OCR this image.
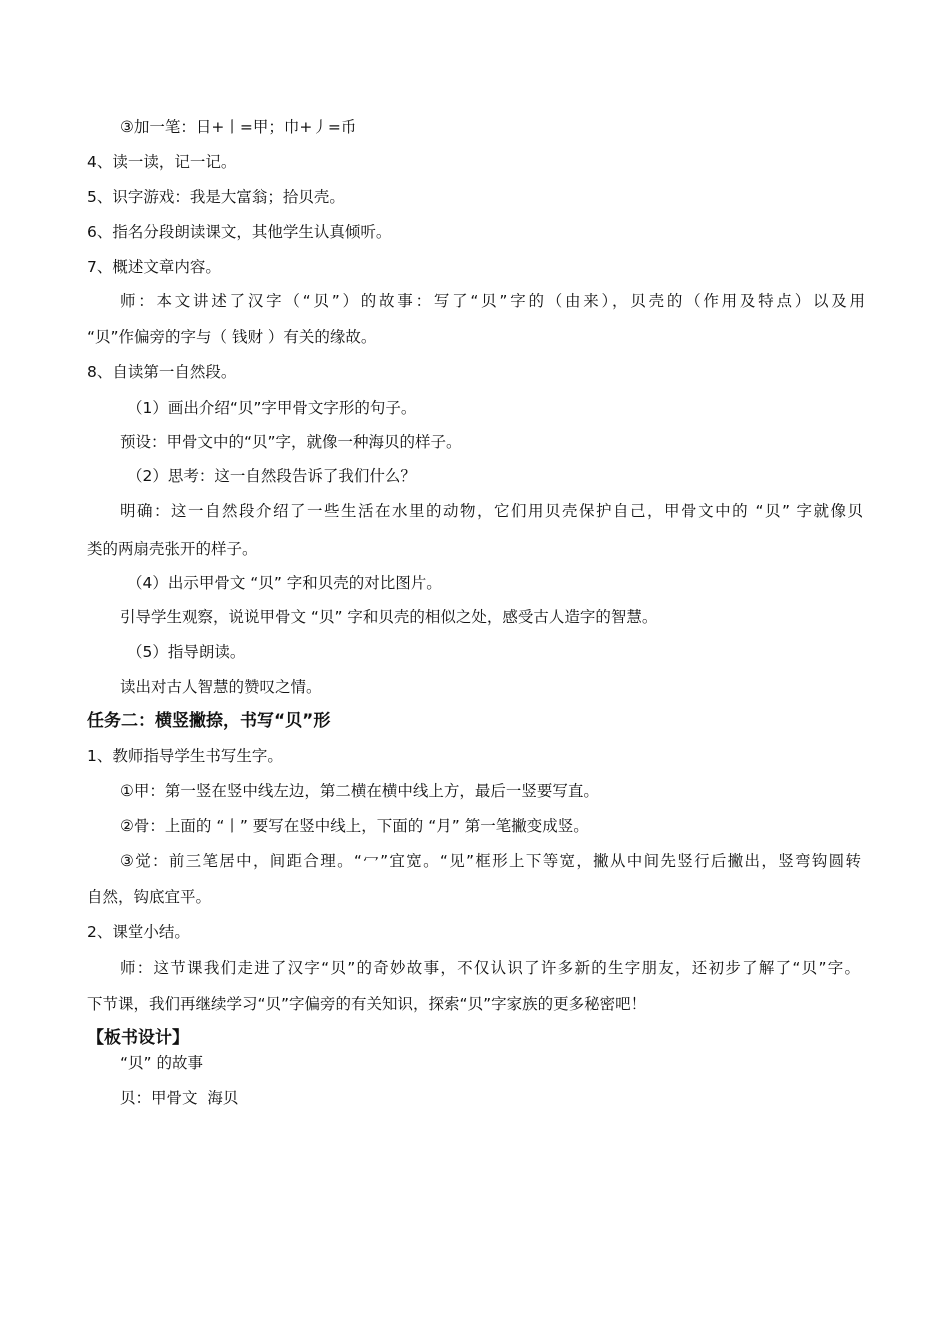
③加一笔：日+丨=甲；巾+丿=币
4、读一读，记一记。
5、识字游戏：我是大富翁；拾贝壳。
6、指名分段朗读课文，其他学生认真倾听。
7、概述文章内容。
师：本文讲述了汉字（“贝”）的故事：写了“贝”字的（由来），贝壳的（作用及特点）以及用
“贝”作偏旁的字与（ 钱财 ）有关的缘故。
8、自读第一自然段。
（1）画出介绍“贝”字甲骨文字形的句子。
预设：甲骨文中的“贝”字，就像一种海贝的样子。
（2）思考：这一自然段告诉了我们什么？
明确：这一自然段介绍了一些生活在水里的动物，它们用贝壳保护自己，甲骨文中的 “贝” 字就像贝
类的两扇壳张开的样子。
（4）出示甲骨文 “贝” 字和贝壳的对比图片。
引导学生观察，说说甲骨文 “贝” 字和贝壳的相似之处，感受古人造字的智慧。
（5）指导朗读。
读出对古人智慧的赞叹之情。
任务二：横竖撇捺，书写“贝”形
1、教师指导学生书写生字。
①甲：第一竖在竖中线左边，第二横在横中线上方，最后一竖要写直。
②骨：上面的 “丨” 要写在竖中线上，下面的 “月” 第一笔撇变成竖。
③觉：前三笔居中，间距合理。“冖”宜宽。“见”框形上下等宽，撇从中间先竖行后撇出，竖弯钩圆转
自然，钩底宜平。
2、课堂小结。
师：这节课我们走进了汉字“贝”的奇妙故事，不仅认识了许多新的生字朋友，还初步了解了“贝”字。
下节课，我们再继续学习“贝”字偏旁的有关知识，探索“贝”字家族的更多秘密吧！
【板书设计】
“贝” 的故事
贝：甲骨文  海贝
